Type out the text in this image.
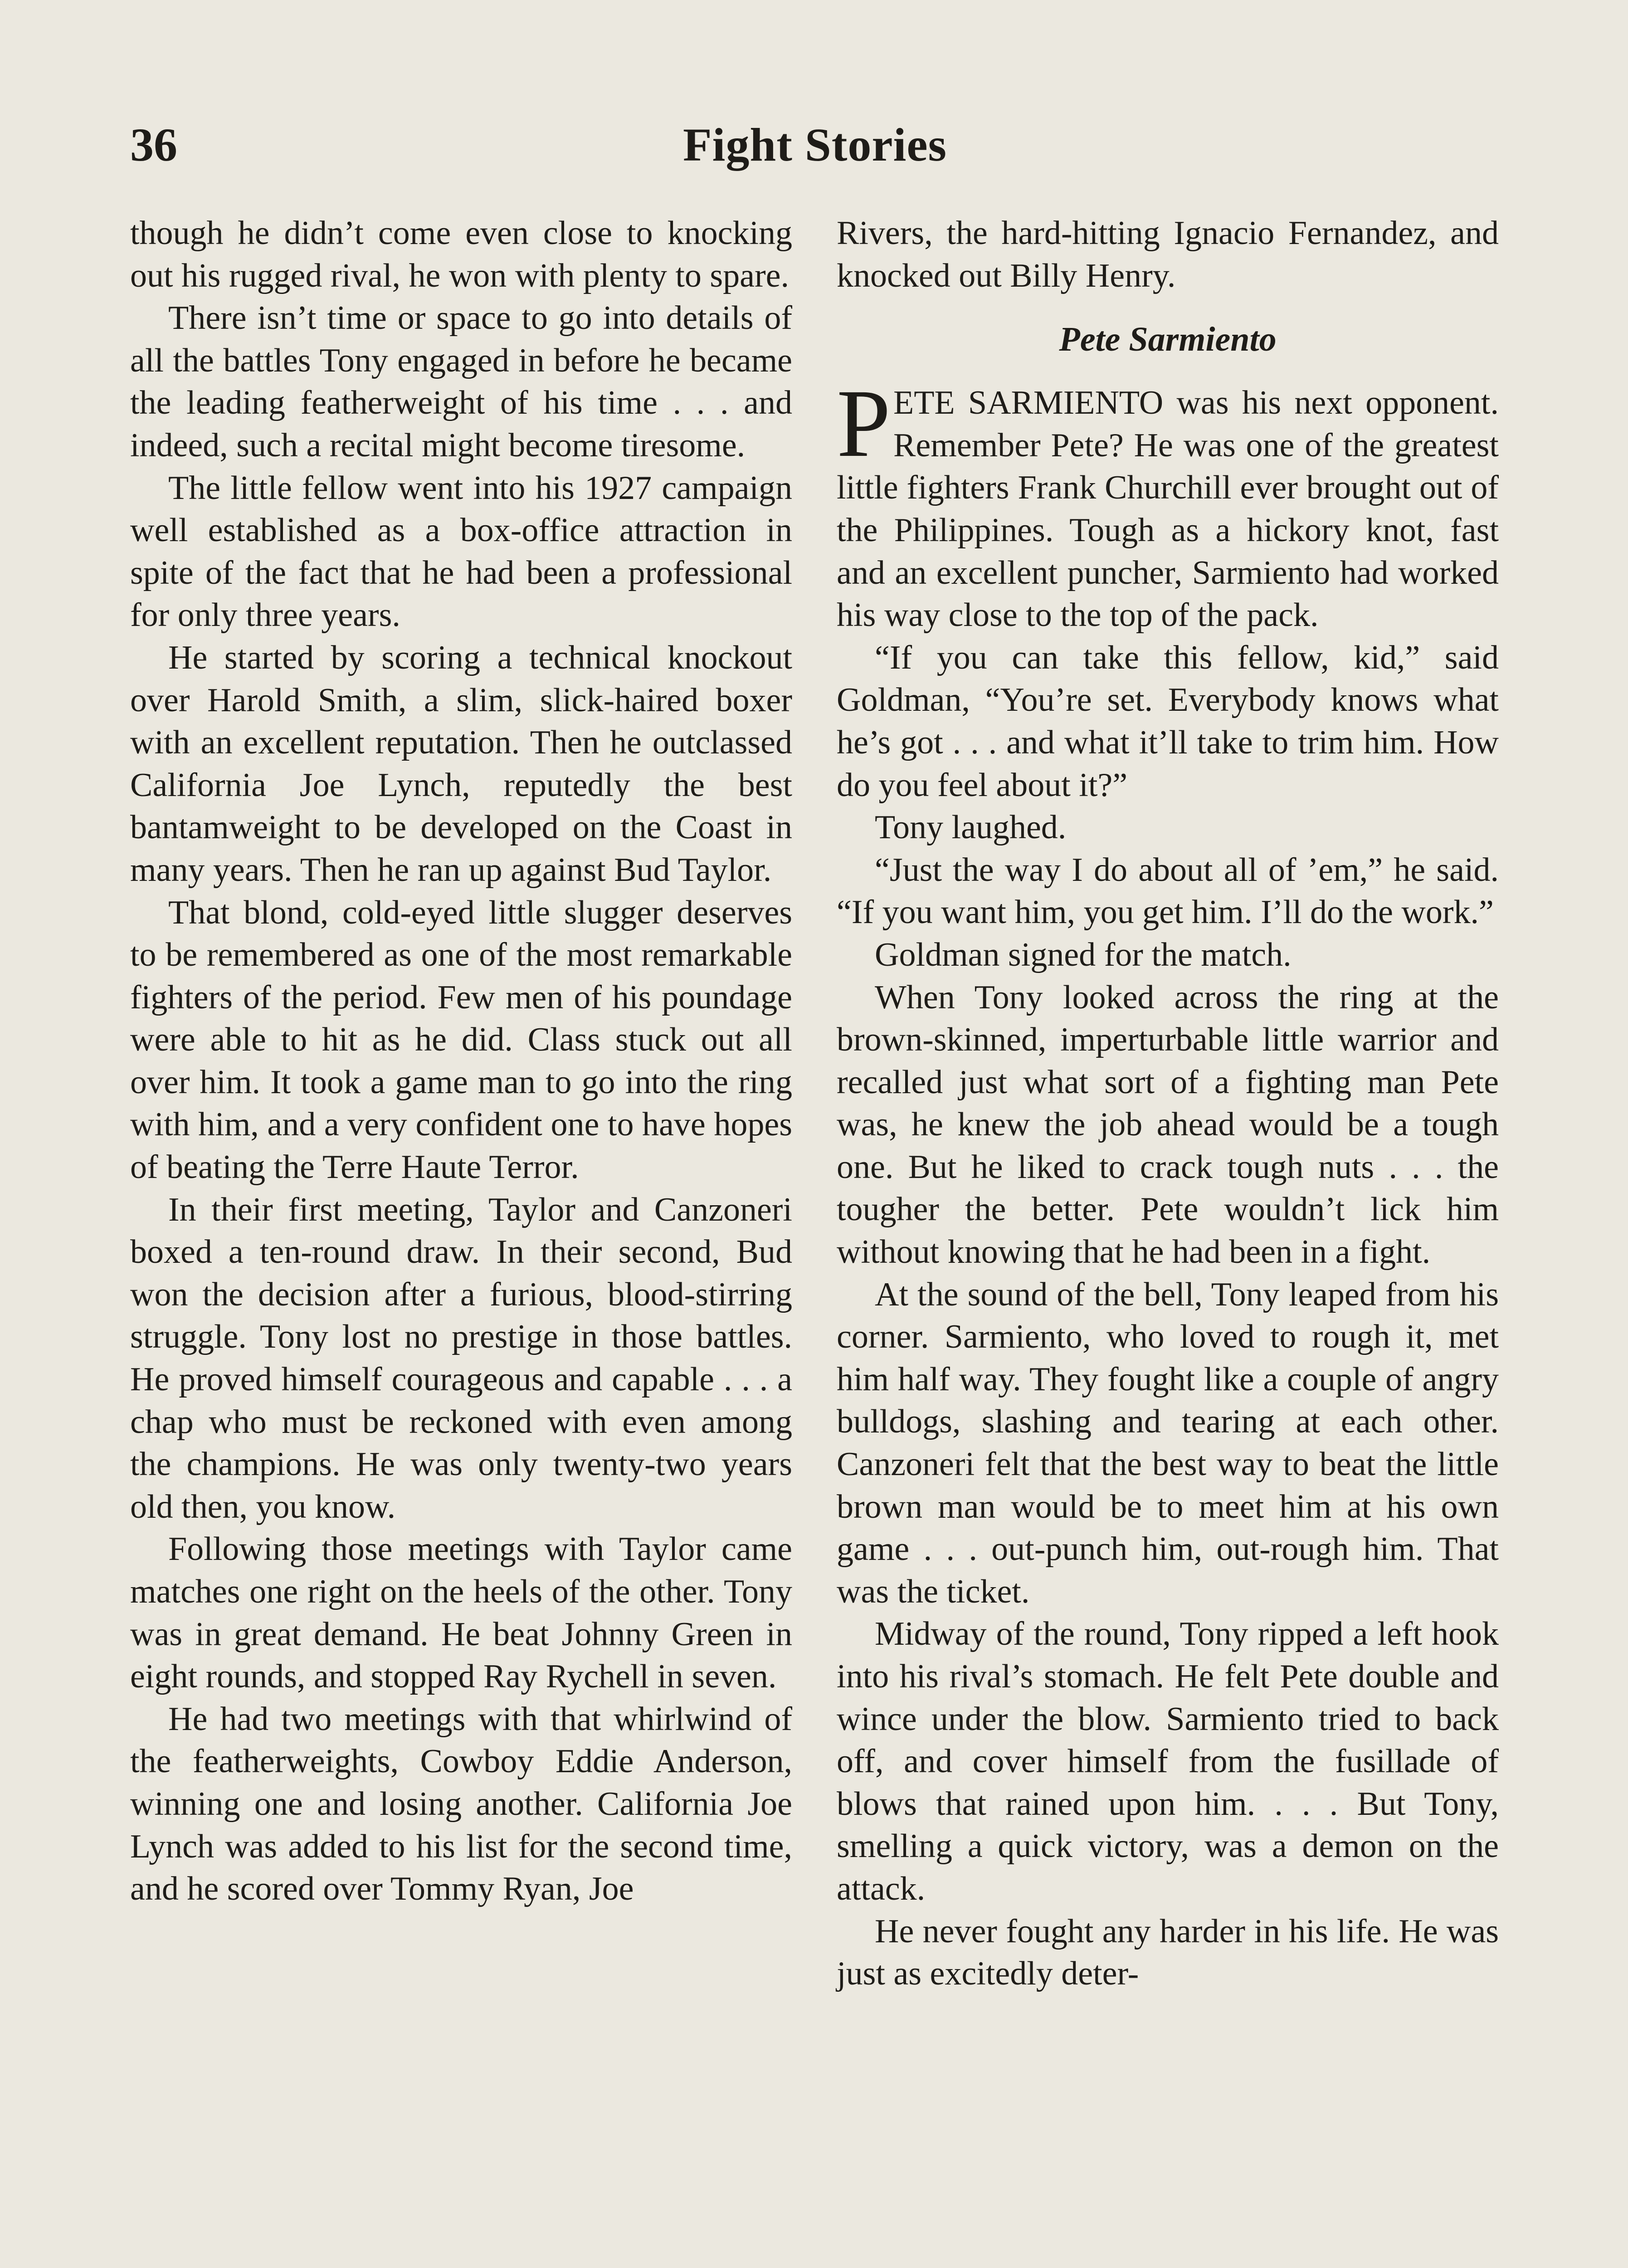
36	Fight Stories

though he didn’t come even close to knocking out his rugged rival, he won with plenty to spare.

There isn’t time or space to go into details of all the battles Tony engaged in before he became the leading featherweight of his time . . . and indeed, such a recital might become tiresome.

The little fellow went into his 1927 campaign well established as a box-office attraction in spite of the fact that he had been a professional for only three years.

He started by scoring a technical knockout over Harold Smith, a slim, slick-haired boxer with an excellent reputation. Then he outclassed California Joe Lynch, reputedly the best bantamweight to be developed on the Coast in many years. Then he ran up against Bud Taylor.

That blond, cold-eyed little slugger deserves to be remembered as one of the most remarkable fighters of the period. Few men of his poundage were able to hit as he did. Class stuck out all over him. It took a game man to go into the ring with him, and a very confident one to have hopes of beating the Terre Haute Terror.

In their first meeting, Taylor and Canzoneri boxed a ten-round draw. In their second, Bud won the decision after a furious, blood-stirring struggle. Tony lost no prestige in those battles. He proved himself courageous and capable . . . a chap who must be reckoned with even among the champions. He was only twenty-two years old then, you know.

Following those meetings with Taylor came matches one right on the heels of the other. Tony was in great demand. He beat Johnny Green in eight rounds, and stopped Ray Rychell in seven.

He had two meetings with that whirlwind of the featherweights, Cowboy Eddie Anderson, winning one and losing another. California Joe Lynch was added to his list for the second time, and he scored over Tommy Ryan, Joe

Rivers, the hard-hitting Ignacio Fernandez, and knocked out Billy Henry.

Pete Sarmiento

PETE SARMIENTO was his next opponent. Remember Pete? He was one of the greatest little fighters Frank Churchill ever brought out of the Philippines. Tough as a hickory knot, fast and an excellent puncher, Sarmiento had worked his way close to the top of the pack.

“If you can take this fellow, kid,” said Goldman, “You’re set. Everybody knows what he’s got . . . and what it’ll take to trim him. How do you feel about it?”

Tony laughed.

“Just the way I do about all of ’em,” he said. “If you want him, you get him. I’ll do the work.”

Goldman signed for the match.

When Tony looked across the ring at the brown-skinned, imperturbable little warrior and recalled just what sort of a fighting man Pete was, he knew the job ahead would be a tough one. But he liked to crack tough nuts . . . the tougher the better. Pete wouldn’t lick him without knowing that he had been in a fight.

At the sound of the bell, Tony leaped from his corner. Sarmiento, who loved to rough it, met him half way. They fought like a couple of angry bulldogs, slashing and tearing at each other. Canzoneri felt that the best way to beat the little brown man would be to meet him at his own game . . . out-punch him, out-rough him. That was the ticket.

Midway of the round, Tony ripped a left hook into his rival’s stomach. He felt Pete double and wince under the blow. Sarmiento tried to back off, and cover himself from the fusillade of blows that rained upon him. . . . But Tony, smelling a quick victory, was a demon on the attack.

He never fought any harder in his life. He was just as excitedly deter-
